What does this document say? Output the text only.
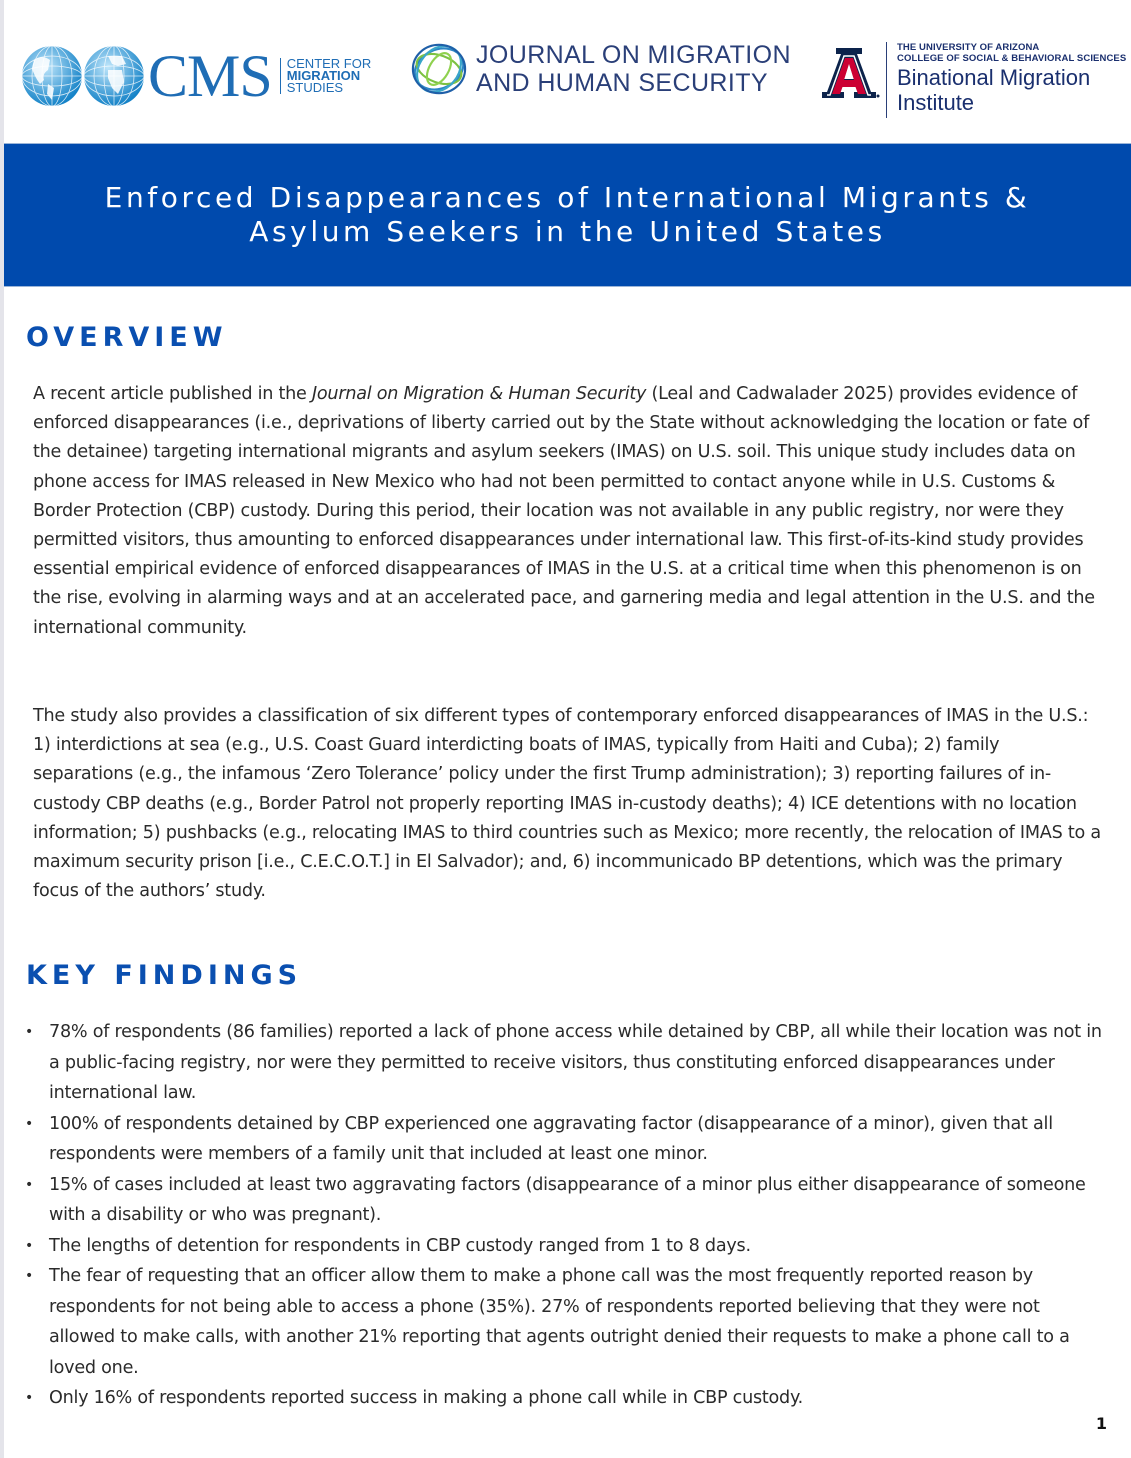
CMS CENTER FOR
MIGRATION
STUDIES
JOURNAL ON MIGRATION
AND HUMAN SECURITY
THE UNIVERSITY OF ARIZONA
COLLEGE OF SOCIAL & BEHAVIORAL SCIENCES
Binational Migration
Institute
Enforced Disappearances of International Migrants &
Asylum Seekers in the United States
OVERVIEW

A recent article published in the Journal on Migration & Human Security (Leal and Cadwalader 2025) provides evidence of enforced disappearances (i.e., deprivations of liberty carried out by the State without acknowledging the location or fate of the detainee) targeting international migrants and asylum seekers (IMAS) on U.S. soil. This unique study includes data on phone access for IMAS released in New Mexico who had not been permitted to contact anyone while in U.S. Customs & Border Protection (CBP) custody. During this period, their location was not available in any public registry, nor were they permitted visitors, thus amounting to enforced disappearances under international law. This first-of-its-kind study provides essential empirical evidence of enforced disappearances of IMAS in the U.S. at a critical time when this phenomenon is on the rise, evolving in alarming ways and at an accelerated pace, and garnering media and legal attention in the U.S. and the international community.

The study also provides a classification of six different types of contemporary enforced disappearances of IMAS in the U.S.: 1) interdictions at sea (e.g., U.S. Coast Guard interdicting boats of IMAS, typically from Haiti and Cuba); 2) family separations (e.g., the infamous ‘Zero Tolerance’ policy under the first Trump administration); 3) reporting failures of in-custody CBP deaths (e.g., Border Patrol not properly reporting IMAS in-custody deaths); 4) ICE detentions with no location information; 5) pushbacks (e.g., relocating IMAS to third countries such as Mexico; more recently, the relocation of IMAS to a maximum security prison [i.e., C.E.C.O.T.] in El Salvador); and, 6) incommunicado BP detentions, which was the primary focus of the authors’ study.

KEY FINDINGS
• 78% of respondents (86 families) reported a lack of phone access while detained by CBP, all while their location was not in a public-facing registry, nor were they permitted to receive visitors, thus constituting enforced disappearances under international law.
• 100% of respondents detained by CBP experienced one aggravating factor (disappearance of a minor), given that all respondents were members of a family unit that included at least one minor.
• 15% of cases included at least two aggravating factors (disappearance of a minor plus either disappearance of someone with a disability or who was pregnant).
• The lengths of detention for respondents in CBP custody ranged from 1 to 8 days.
• The fear of requesting that an officer allow them to make a phone call was the most frequently reported reason by respondents for not being able to access a phone (35%). 27% of respondents reported believing that they were not allowed to make calls, with another 21% reporting that agents outright denied their requests to make a phone call to a loved one.
• Only 16% of respondents reported success in making a phone call while in CBP custody.
1
